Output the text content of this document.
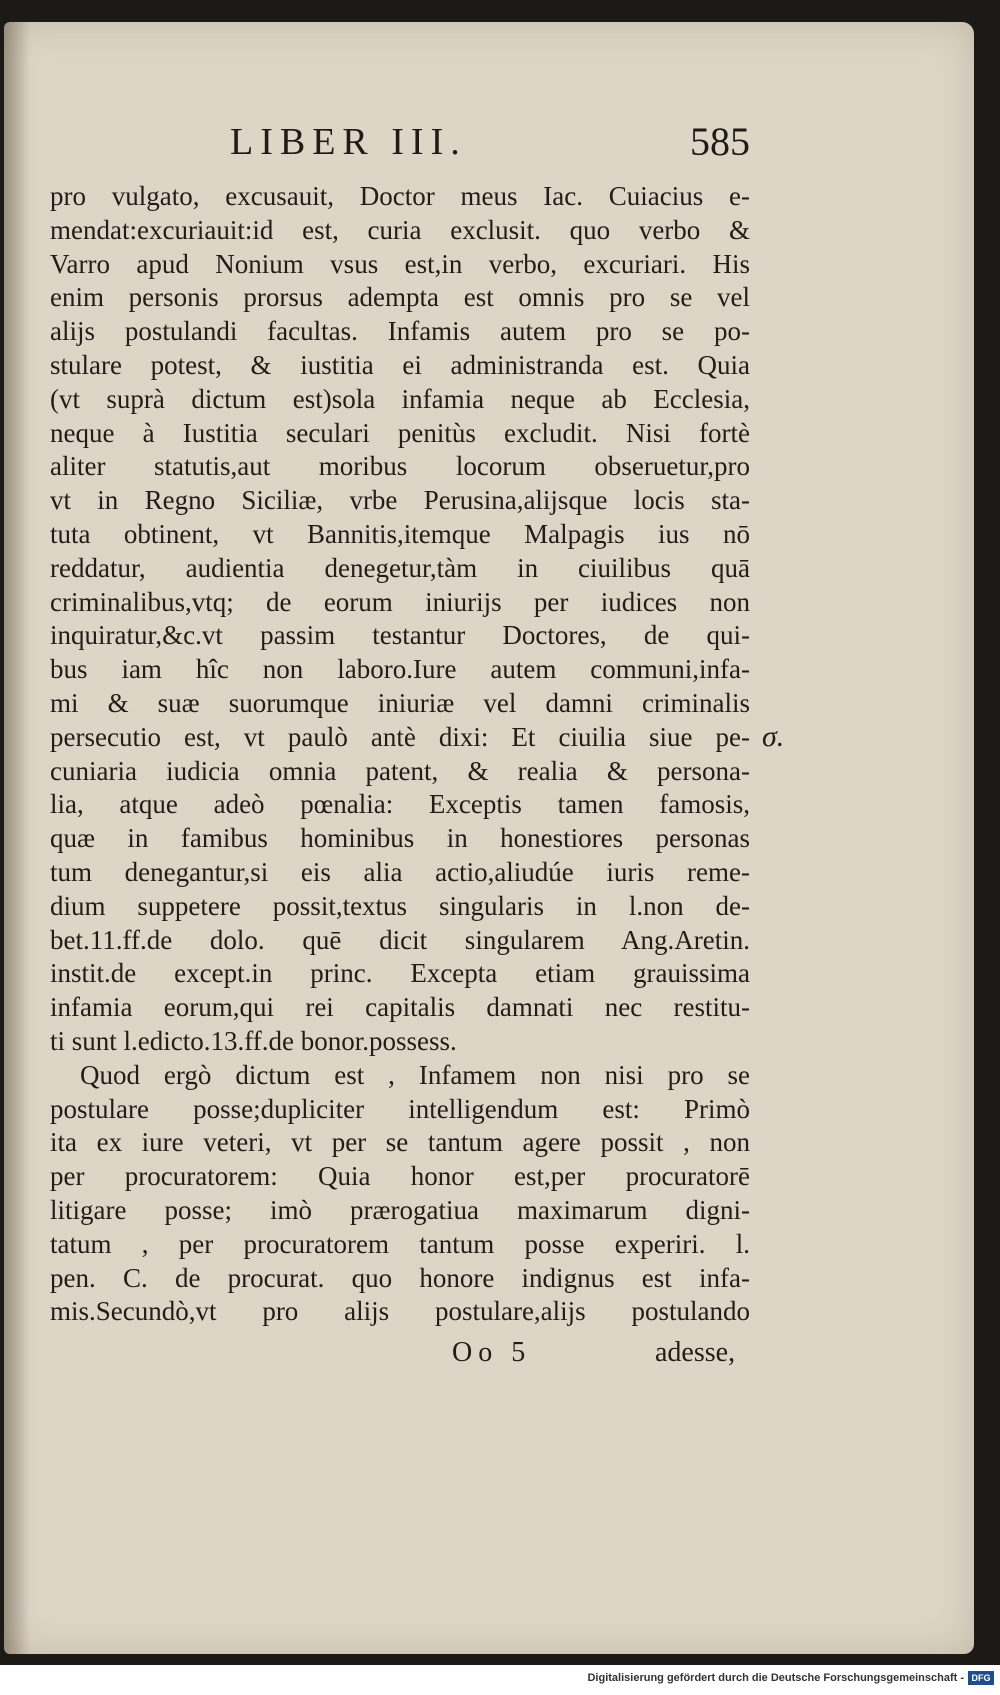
LIBER III.	585
pro vulgato, excusauit, Doctor meus Iac. Cuiacius e-
mendat:excuriauit:id est, curia exclusit. quo verbo &
Varro apud Nonium vsus est,in verbo, excuriari. His
enim personis prorsus adempta est omnis pro se vel
alijs postulandi facultas. Infamis autem pro se po-
stulare potest, & iustitia ei administranda est. Quia
(vt suprà dictum est)sola infamia neque ab Ecclesia,
neque à Iustitia seculari penitùs excludit. Nisi fortè
aliter statutis,aut moribus locorum obseruetur,pro
vt in Regno Siciliæ, vrbe Perusina,alijsque locis sta-
tuta obtinent, vt Bannitis,itemque Malpagis ius nō
reddatur, audientia denegetur,tàm in ciuilibus quā
criminalibus,vtq; de eorum iniurijs per iudices non
inquiratur,&c.vt passim testantur Doctores, de qui-
bus iam hîc non laboro.Iure autem communi,infa-
mi & suæ suorumque iniuriæ vel damni criminalis
persecutio est, vt paulò antè dixi: Et ciuilia siue pe-
cuniaria iudicia omnia patent, & realia & persona-
lia, atque adeò pœnalia: Exceptis tamen famosis,
quæ in famibus hominibus in honestiores personas
tum denegantur,si eis alia actio,aliudúe iuris reme-
dium suppetere possit,textus singularis in l.non de-
bet.11.ff.de dolo. quē dicit singularem Ang.Aretin.
instit.de except.in princ. Excepta etiam grauissima
infamia eorum,qui rei capitalis damnati nec restitu-
ti sunt l.edicto.13.ff.de bonor.possess.
Quod ergò dictum est , Infamem non nisi pro se
postulare posse;dupliciter intelligendum est: Primò
ita ex iure veteri, vt per se tantum agere possit , non
per procuratorem: Quia honor est,per procuratorē
litigare posse; imò prærogatiua maximarum digni-
tatum , per procuratorem tantum posse experiri. l.
pen. C. de procurat. quo honore indignus est infa-
mis.Secundò,vt pro alijs postulare,alijs postulando
σ.
Oo 5	adesse,
Digitalisierung gefördert durch die Deutsche Forschungsgemeinschaft - DFG
